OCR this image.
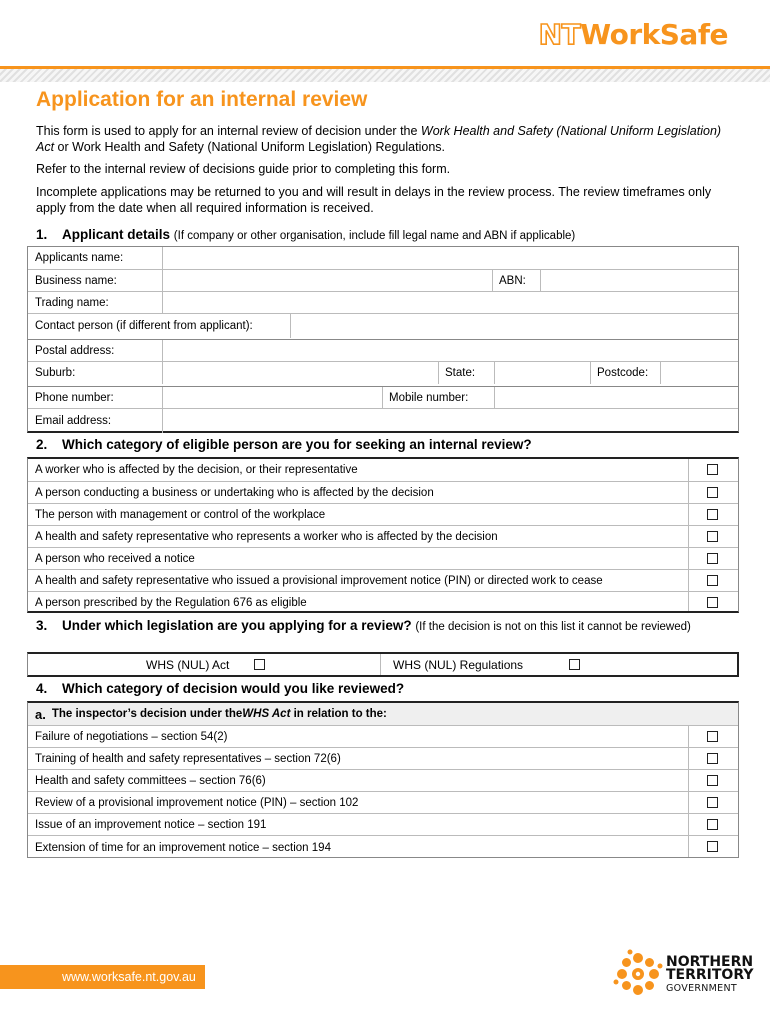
NTWorkSafe
Application for an internal review

This form is used to apply for an internal review of decision under the Work Health and Safety (National Uniform Legislation) Act or Work Health and Safety (National Uniform Legislation) Regulations.

Refer to the internal review of decisions guide prior to completing this form.

Incomplete applications may be returned to you and will result in delays in the review process. The review timeframes only apply from the date when all required information is received.

1. Applicant details (If company or other organisation, include fill legal name and ABN if applicable)
Applicants name:
Business name:	ABN:
Trading name:
Contact person (if different from applicant):
Postal address:
Suburb:	State:	Postcode:
Phone number:	Mobile number:
Email address:
2. Which category of eligible person are you for seeking an internal review?
A worker who is affected by the decision, or their representative
A person conducting a business or undertaking who is affected by the decision
The person with management or control of the workplace
A health and safety representative who represents a worker who is affected by the decision
A person who received a notice
A health and safety representative who issued a provisional improvement notice (PIN) or directed work to cease
A person prescribed by the Regulation 676 as eligible
3. Under which legislation are you applying for a review? (If the decision is not on this list it cannot be reviewed)
WHS (NUL) Act	WHS (NUL) Regulations
4. Which category of decision would you like reviewed?
a. The inspector’s decision under the WHS Act in relation to the:
Failure of negotiations – section 54(2)
Training of health and safety representatives – section 72(6)
Health and safety committees – section 76(6)
Review of a provisional improvement notice (PIN) – section 102
Issue of an improvement notice – section 191
Extension of time for an improvement notice – section 194
www.worksafe.nt.gov.au
NORTHERN
TERRITORY
GOVERNMENT
